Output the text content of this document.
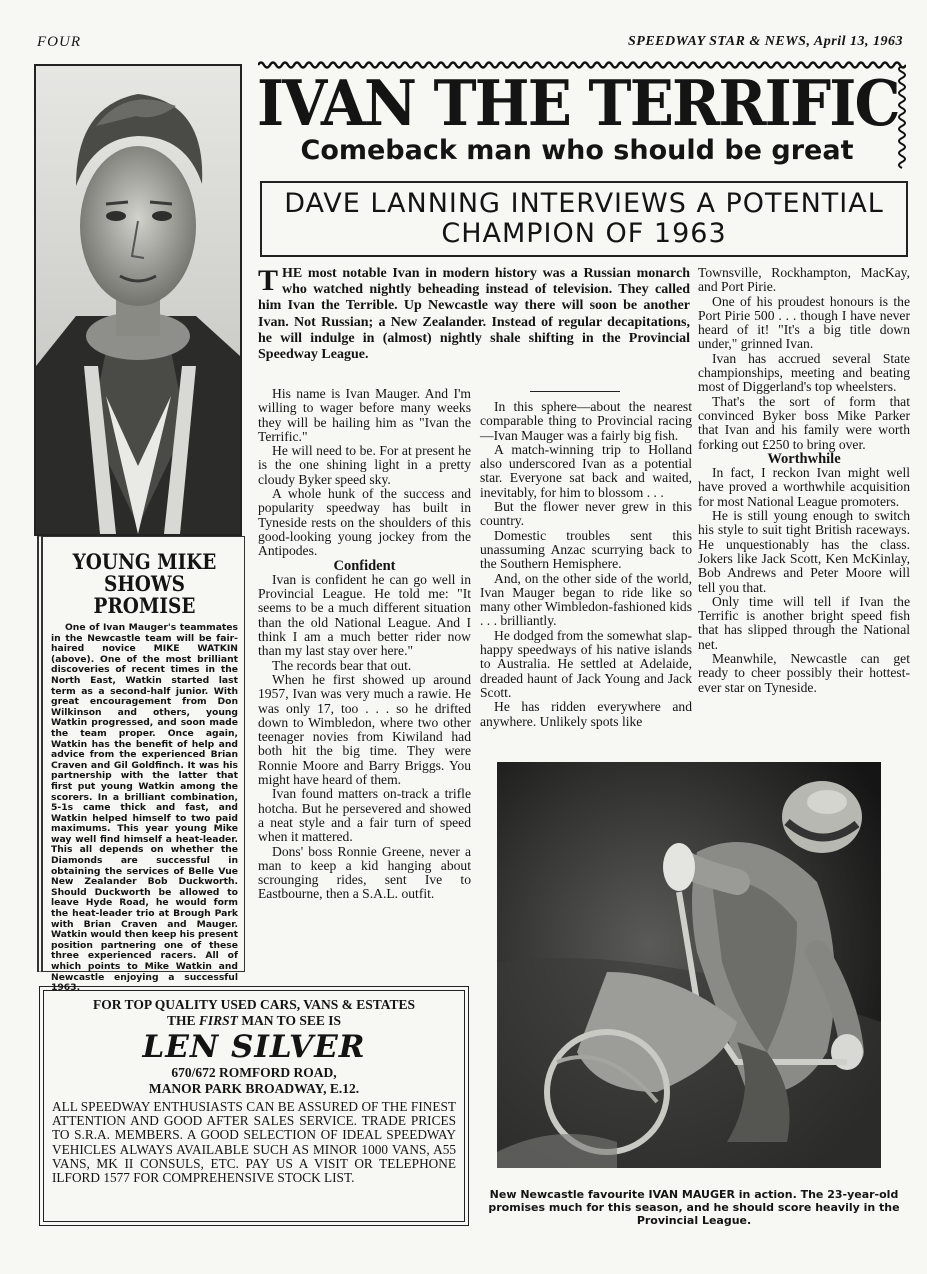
FOUR	SPEEDWAY STAR & NEWS, April 13, 1963
YOUNG MIKE
SHOWS PROMISE
One of Ivan Mauger's teammates in the Newcastle team will be fair-haired novice MIKE WATKIN (above). One of the most brilliant discoveries of recent times in the North East, Watkin started last term as a second-half junior. With great encouragement from Don Wilkinson and others, young Watkin progressed, and soon made the team proper. Once again, Watkin has the benefit of help and advice from the experienced Brian Craven and Gil Goldfinch. It was his partnership with the latter that first put young Watkin among the scorers. In a brilliant combination, 5-1s came thick and fast, and Watkin helped himself to two paid maximums. This year young Mike way well find himself a heat-leader. This all depends on whether the Diamonds are successful in obtaining the services of Belle Vue New Zealander Bob Duckworth. Should Duckworth be allowed to leave Hyde Road, he would form the heat-leader trio at Brough Park with Brian Craven and Mauger. Watkin would then keep his present position partnering one of these three experienced racers. All of which points to Mike Watkin and Newcastle enjoying a successful 1963.
IVAN THE TERRIFIC
Comeback man who should be great
DAVE LANNING INTERVIEWS A POTENTIAL CHAMPION OF 1963
THE most notable Ivan in modern history was a Russian monarch who watched nightly beheading instead of television. They called him Ivan the Terrible. Up Newcastle way there will soon be another Ivan. Not Russian; a New Zealander. Instead of regular decapitations, he will indulge in (almost) nightly shale shifting in the Provincial Speedway League.

His name is Ivan Mauger. And I'm willing to wager before many weeks they will be hailing him as "Ivan the Terrific."

He will need to be. For at present he is the one shining light in a pretty cloudy Byker speed sky.

A whole hunk of the success and popularity speedway has built in Tyneside rests on the shoulders of this good-looking young jockey from the Antipodes.

Confident

Ivan is confident he can go well in Provincial League. He told me: "It seems to be a much different situation than the old National League. And I think I am a much better rider now than my last stay over here."

The records bear that out.

When he first showed up around 1957, Ivan was very much a rawie. He was only 17, too . . . so he drifted down to Wimbledon, where two other teenager novies from Kiwiland had both hit the big time. They were Ronnie Moore and Barry Briggs. You might have heard of them.

Ivan found matters on-track a trifle hotcha. But he persevered and showed a neat style and a fair turn of speed when it mattered.

Dons' boss Ronnie Greene, never a man to keep a kid hanging about scrounging rides, sent Ive to Eastbourne, then a S.A.L. outfit.

In this sphere—about the nearest comparable thing to Provincial racing—Ivan Mauger was a fairly big fish.

A match-winning trip to Holland also underscored Ivan as a potential star. Everyone sat back and waited, inevitably, for him to blossom . . .

But the flower never grew in this country.

Domestic troubles sent this unassuming Anzac scurrying back to the Southern Hemisphere.

And, on the other side of the world, Ivan Mauger began to ride like so many other Wimbledon-fashioned kids . . . brilliantly.

He dodged from the somewhat slap-happy speedways of his native islands to Australia. He settled at Adelaide, dreaded haunt of Jack Young and Jack Scott.

He has ridden everywhere and anywhere. Unlikely spots like

Townsville, Rockhampton, MacKay, and Port Pirie.

One of his proudest honours is the Port Pirie 500 . . . though I have never heard of it! "It's a big title down under," grinned Ivan.

Ivan has accrued several State championships, meeting and beating most of Diggerland's top wheelsters.

That's the sort of form that convinced Byker boss Mike Parker that Ivan and his family were worth forking out £250 to bring over.

Worthwhile

In fact, I reckon Ivan might well have proved a worthwhile acquisition for most National League promoters.

He is still young enough to switch his style to suit tight British raceways. He unquestionably has the class. Jokers like Jack Scott, Ken McKinlay, Bob Andrews and Peter Moore will tell you that.

Only time will tell if Ivan the Terrific is another bright speed fish that has slipped through the National net.

Meanwhile, Newcastle can get ready to cheer possibly their hottest-ever star on Tyneside.

New Newcastle favourite IVAN MAUGER in action. The 23-year-old promises much for this season, and he should score heavily in the Provincial League.
FOR TOP QUALITY USED CARS, VANS & ESTATES
THE FIRST MAN TO SEE IS
LEN SILVER
670/672 ROMFORD ROAD,
MANOR PARK BROADWAY, E.12.
ALL SPEEDWAY ENTHUSIASTS CAN BE ASSURED OF THE FINEST ATTENTION AND GOOD AFTER SALES SERVICE. TRADE PRICES TO S.R.A. MEMBERS. A GOOD SELECTION OF IDEAL SPEEDWAY VEHICLES ALWAYS AVAILABLE SUCH AS MINOR 1000 VANS, A55 VANS, MK II CONSULS, ETC. PAY US A VISIT OR TELEPHONE ILFORD 1577 FOR COMPREHENSIVE STOCK LIST.
